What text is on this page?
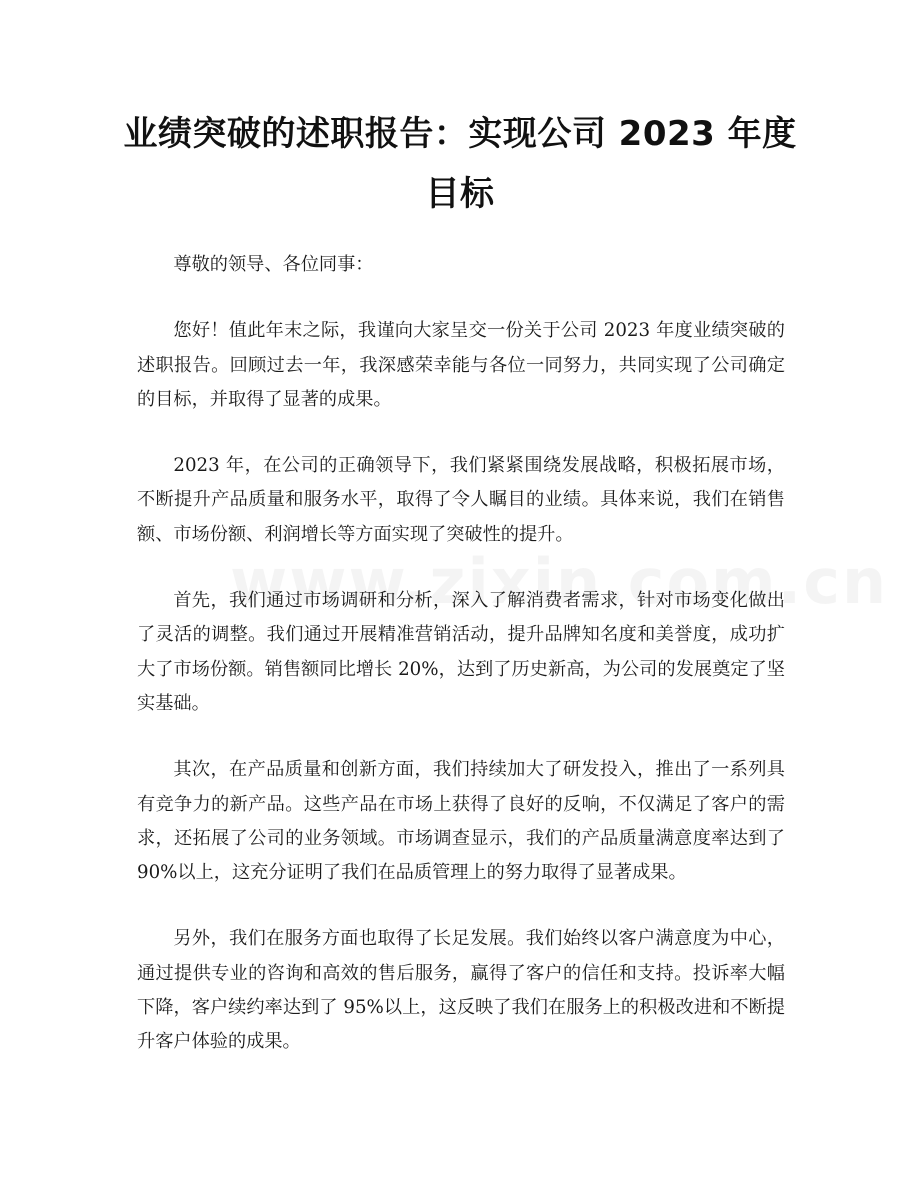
业绩突破的述职报告：实现公司 2023 年度目标

尊敬的领导、各位同事：

您好！值此年末之际，我谨向大家呈交一份关于公司 2023 年度业绩突破的述职报告。回顾过去一年，我深感荣幸能与各位一同努力，共同实现了公司确定的目标，并取得了显著的成果。

2023 年，在公司的正确领导下，我们紧紧围绕发展战略，积极拓展市场，不断提升产品质量和服务水平，取得了令人瞩目的业绩。具体来说，我们在销售额、市场份额、利润增长等方面实现了突破性的提升。

首先，我们通过市场调研和分析，深入了解消费者需求，针对市场变化做出了灵活的调整。我们通过开展精准营销活动，提升品牌知名度和美誉度，成功扩大了市场份额。销售额同比增长 20%，达到了历史新高，为公司的发展奠定了坚实基础。

其次，在产品质量和创新方面，我们持续加大了研发投入，推出了一系列具有竞争力的新产品。这些产品在市场上获得了良好的反响，不仅满足了客户的需求，还拓展了公司的业务领域。市场调查显示，我们的产品质量满意度率达到了 90%以上，这充分证明了我们在品质管理上的努力取得了显著成果。

另外，我们在服务方面也取得了长足发展。我们始终以客户满意度为中心，通过提供专业的咨询和高效的售后服务，赢得了客户的信任和支持。投诉率大幅下降，客户续约率达到了 95%以上，这反映了我们在服务上的积极改进和不断提升客户体验的成果。
